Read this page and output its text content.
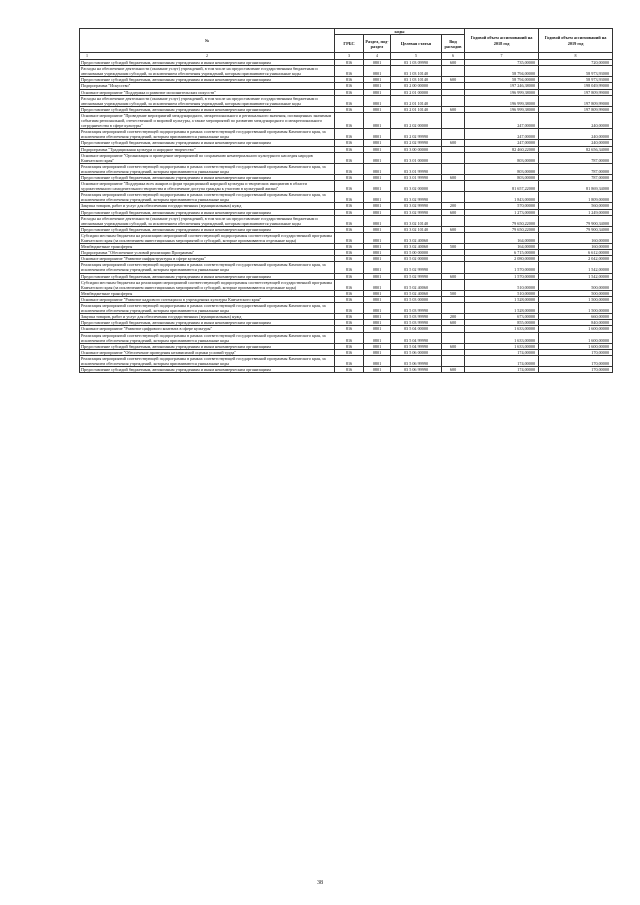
№	коды				Годовой объем ассигнований на 2018 год	Годовой объем ассигнований на 2019 год
	ГРБС	Раздел, под-раздел	Целевая статья	Вид расходов		

1 2	3	4	5	6	7	8
Предоставление субсидий бюджетным, автономным учреждениям и иным некоммерческим организациям	816	0801	03 1 03 09990	600	735,00000	720,00000
Расходы на обеспечение деятельности (оказание услуг) учреждений, в том числе на предоставление государственным бюджетным и автономным учреждениям субсидий, за исключением обеспечения учреждений, которым присваиваются уникальные коды	816	0801	03 1 03 10140		58 794,00000	58 973,93000
Предоставление субсидий бюджетным, автономным учреждениям и иным некоммерческим организациям	816	0801	03 1 03 10140	600	58 794,00000	58 973,93000
Подпрограмма "Искусство"	816	0801	03 2 00 00000		197 246,38000	198 049,99000
Основное мероприятие "Поддержка и развитие исполнительских искусств"	816	0801	03 2 01 00000		196 999,38000	197 809,99000
Расходы на обеспечение деятельности (оказание услуг) учреждений, в том числе на предоставление государственным бюджетным и автономным учреждениям субсидий, за исключением обеспечения учреждений, которым присваиваются уникальные коды	816	0801	03 2 01 10140		196 999,38000	197 809,99000
Предоставление субсидий бюджетным, автономным учреждениям и иным некоммерческим организациям	816	0801	03 2 01 10140	600	196 999,38000	197 809,99000
Основное мероприятие "Проведение мероприятий международного, межрегионального и регионального значения, посвященных значимым событиям региональной, отечественной и мировой культуры, а также мероприятий по развитию международного и межрегионального сотрудничества в сфере культуры"	816	0801	03 2 02 00000		247,00000	240,00000
Реализация мероприятий соответствующей подпрограммы в рамках соответствующей государственной программы Камчатского края, за исключением обеспечения учреждений, которым присваиваются уникальные коды	816	0801	03 2 02 99990		247,00000	240,00000
Предоставление субсидий бюджетным, автономным учреждениям и иным некоммерческим организациям	816	0801	03 2 02 99990	600	247,00000	240,00000
Подпрограмма "Традиционная культура и народное творчество"	816	0801	03 3 00 00000		82 460,22000	82 656,34000
Основное мероприятие "Организация и проведение мероприятий по сохранению нематериального культурного наследия народов Камчатского края"	816	0801	03 3 01 00000		803,00000	787,00000
Реализация мероприятий соответствующей подпрограммы в рамках соответствующей государственной программы Камчатского края, за исключением обеспечения учреждений, которым присваиваются уникальные коды	816	0801	03 3 01 99990		803,00000	787,00000
Предоставление субсидий бюджетным, автономным учреждениям и иным некоммерческим организациям	816	0801	03 3 01 99990	600	803,00000	787,00000
Основное мероприятие "Поддержка всех жанров и форм традиционной народной культуры и творческих инициатив в области художественного самодеятельного творчества и обеспечение доступа граждан к участию в культурной жизни"	816	0801	03 3 02 00000		81 657,22000	81 869,34000
Реализация мероприятий соответствующей подпрограммы в рамках соответствующей государственной программы Камчатского края, за исключением обеспечения учреждений, которым присваиваются уникальные коды	816	0801	03 3 02 99990		1 843,00000	1 809,00000
Закупка товаров, работ и услуг для обеспечения государственных (муниципальных) нужд	816	0801	03 3 02 99990	200	570,00000	560,00000
Предоставление субсидий бюджетным, автономным учреждениям и иным некоммерческим организациям	816	0801	03 3 02 99990	600	1 273,00000	1 249,00000
Расходы на обеспечение деятельности (оказание услуг) учреждений, в том числе на предоставление государственным бюджетным и автономным учреждениям субсидий, за исключением обеспечения учреждений, которым присваиваются уникальные коды	816	0801	03 3 02 10140		79 650,22000	79 900,34000
Предоставление субсидий бюджетным, автономным учреждениям и иным некоммерческим организациям	816	0801	03 3 02 10140	600	79 650,22000	79 900,34000
Субсидии местным бюджетам на реализацию мероприятий соответствующей подпрограммы соответствующей государственной программы Камчатского края (за исключением инвестиционных мероприятий и субсидий, которые присваиваются отдельные коды)	816	0801	03 3 02 40060		164,00000	160,00000
Межбюджетные трансферты	816	0801	03 3 02 40060	500	164,00000	160,00000
Подпрограмма "Обеспечение условий реализации Программы"	816	0801	03 5 00 00000		6 715,00000	6 612,00000
Основное мероприятие "Развитие инфраструктуры в сфере культуры"	816	0801	03 5 02 00000		2 080,00000	2 042,00000
Реализация мероприятий соответствующей подпрограммы в рамках соответствующей государственной программы Камчатского края, за исключением обеспечения учреждений, которым присваиваются уникальные коды	816	0801	03 5 02 99990		1 570,00000	1 542,00000
Предоставление субсидий бюджетным, автономным учреждениям и иным некоммерческим организациям	816	0801	03 5 02 99990	600	1 570,00000	1 542,00000
Субсидии местным бюджетам на реализацию мероприятий соответствующей подпрограммы соответствующей государственной программы Камчатского края (за исключением инвестиционных мероприятий и субсидий, которые присваиваются отдельные коды)	816	0801	03 5 02 40060		510,00000	500,00000
Межбюджетные трансферты	816	0801	03 5 02 40060	500	510,00000	500,00000
Основное мероприятие "Развитие кадрового потенциала в учреждениях культуры Камчатского края"	816	0801	03 5 03 00000		1 528,00000	1 500,00000
Реализация мероприятий соответствующей подпрограммы в рамках соответствующей государственной программы Камчатского края, за исключением обеспечения учреждений, которым присваиваются уникальные коды	816	0801	03 5 03 99990		1 528,00000	1 500,00000
Закупка товаров, работ и услуг для обеспечения государственных (муниципальных) нужд	816	0801	03 5 03 99990	200	673,00000	660,00000
Предоставление субсидий бюджетным, автономным учреждениям и иным некоммерческим организациям	816	0801	03 5 03 99990	600	855,00000	840,00000
Основное мероприятие "Развитие цифрового контента в сфере культуры"	816	0801	03 5 04 00000		1 633,00000	1 600,00000
Реализация мероприятий соответствующей подпрограммы в рамках соответствующей государственной программы Камчатского края, за исключением обеспечения учреждений, которым присваиваются уникальные коды	816	0801	03 5 04 99990		1 633,00000	1 600,00000
Предоставление субсидий бюджетным, автономным учреждениям и иным некоммерческим организациям	816	0801	03 5 04 99990	600	1 633,00000	1 600,00000
Основное мероприятие "Обеспечение проведения независимой оценки условий труда"	816	0801	03 5 06 00000		174,00000	170,00000
Реализация мероприятий соответствующей подпрограммы в рамках соответствующей государственной программы Камчатского края, за исключением обеспечения учреждений, которым присваиваются уникальные коды	816	0801	03 5 06 99990		174,00000	170,00000
Предоставление субсидий бюджетным, автономным учреждениям и иным некоммерческим организациям	816	0801	03 5 06 99990	600	174,00000	170,00000
38
